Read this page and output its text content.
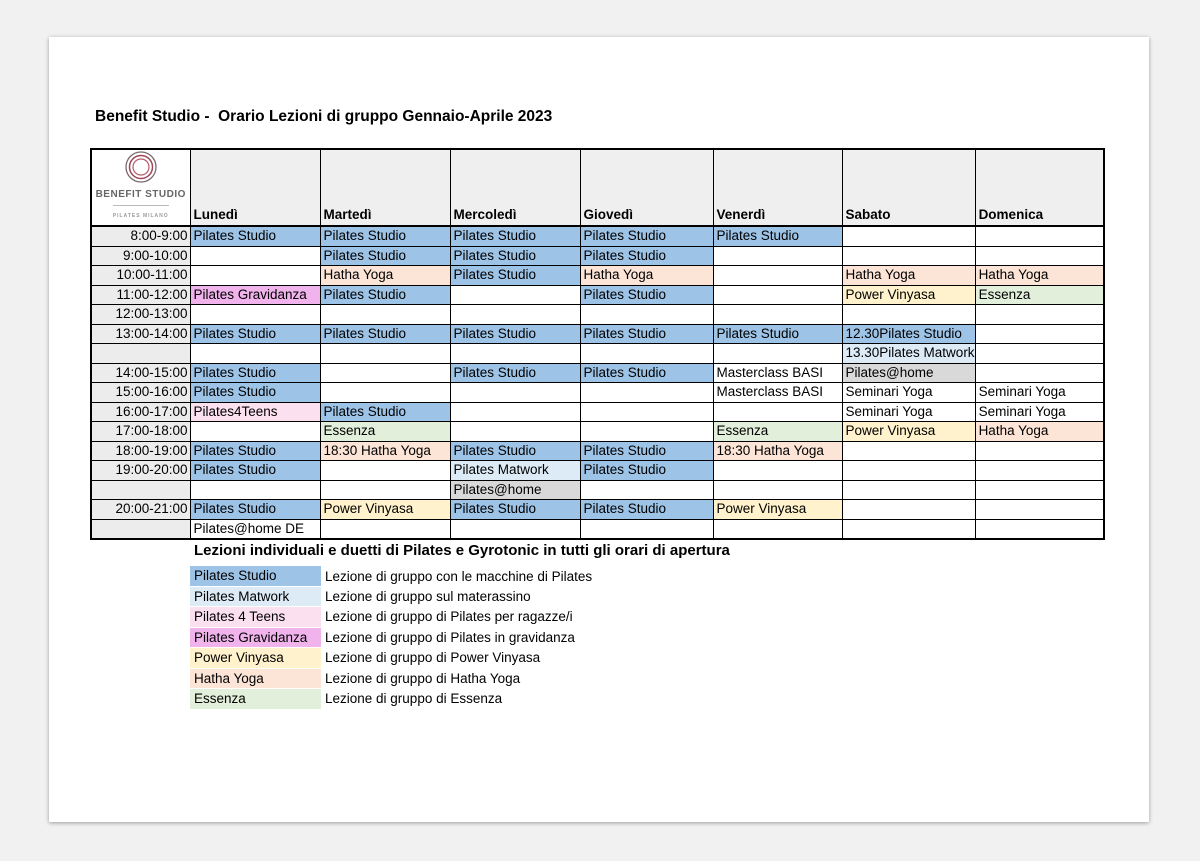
Benefit Studio -  Orario Lezioni di gruppo Gennaio-Aprile 2023
BENEFIT STUDIO
PILATES MILANO	Lunedì	Martedì	Mercoledì	Giovedì	Venerdì	Sabato	Domenica
8:00-9:00	Pilates Studio	Pilates Studio	Pilates Studio	Pilates Studio	Pilates Studio		
9:00-10:00		Pilates Studio	Pilates Studio	Pilates Studio			
10:00-11:00		Hatha Yoga	Pilates Studio	Hatha Yoga		Hatha Yoga	Hatha Yoga
11:00-12:00	Pilates Gravidanza	Pilates Studio		Pilates Studio		Power Vinyasa	Essenza
12:00-13:00							
13:00-14:00	Pilates Studio	Pilates Studio	Pilates Studio	Pilates Studio	Pilates Studio	12.30Pilates Studio	
						13.30Pilates Matwork	
14:00-15:00	Pilates Studio		Pilates Studio	Pilates Studio	Masterclass BASI	Pilates@home	
15:00-16:00	Pilates Studio				Masterclass BASI	Seminari Yoga	Seminari Yoga
16:00-17:00	Pilates4Teens	Pilates Studio				Seminari Yoga	Seminari Yoga
17:00-18:00		Essenza			Essenza	Power Vinyasa	Hatha Yoga
18:00-19:00	Pilates Studio	18:30 Hatha Yoga	Pilates Studio	Pilates Studio	18:30 Hatha Yoga		
19:00-20:00	Pilates Studio		Pilates Matwork	Pilates Studio			
			Pilates@home				
20:00-21:00	Pilates Studio	Power Vinyasa	Pilates Studio	Pilates Studio	Power Vinyasa		
	Pilates@home DE						
Lezioni individuali e duetti di Pilates e Gyrotonic in tutti gli orari di apertura
Pilates Studio	Lezione di gruppo con le macchine di Pilates
Pilates Matwork	Lezione di gruppo sul materassino
Pilates 4 Teens	Lezione di gruppo di Pilates per ragazze/i
Pilates Gravidanza	Lezione di gruppo di Pilates in gravidanza
Power Vinyasa	Lezione di gruppo di Power Vinyasa
Hatha Yoga	Lezione di gruppo di Hatha Yoga
Essenza	Lezione di gruppo di Essenza
